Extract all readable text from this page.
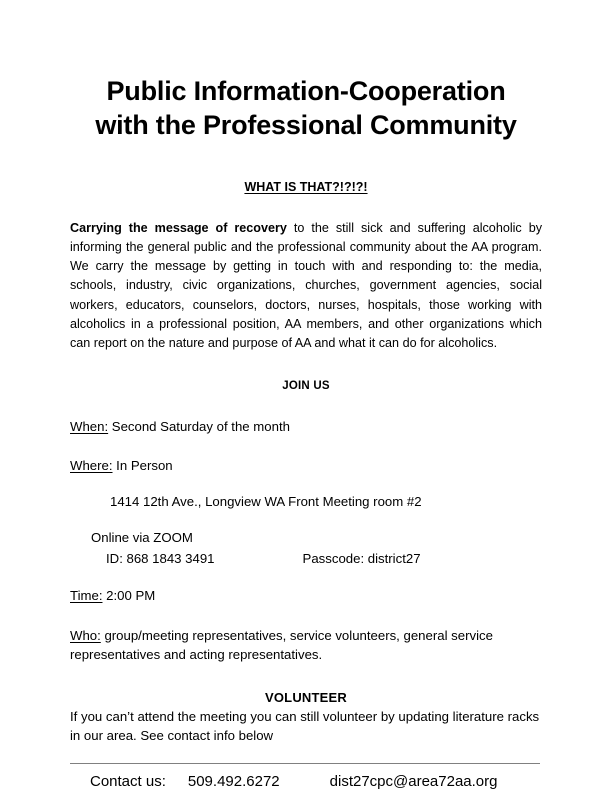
Public Information-Cooperation
with the Professional Community
WHAT IS THAT?!?!?!

Carrying the message of recovery to the still sick and suffering alcoholic by informing the general public and the professional community about the AA program. We carry the message by getting in touch with and responding to: the media, schools, industry, civic organizations, churches, government agencies, social workers, educators, counselors, doctors, nurses, hospitals, those working with alcoholics in a professional position, AA members, and other organizations which can report on the nature and purpose of AA and what it can do for alcoholics.

JOIN US
When: Second Saturday of the month
Where: In Person
1414 12th Ave., Longview WA Front Meeting room #2
Online via ZOOM
ID: 868 1843 3491	Passcode: district27
Time: 2:00 PM
Who: group/meeting representatives, service volunteers, general service representatives and acting representatives.
VOLUNTEER
If you can’t attend the meeting you can still volunteer by updating literature racks in our area. See contact info below
Contact us: 509.492.6272	dist27cpc@area72aa.org
